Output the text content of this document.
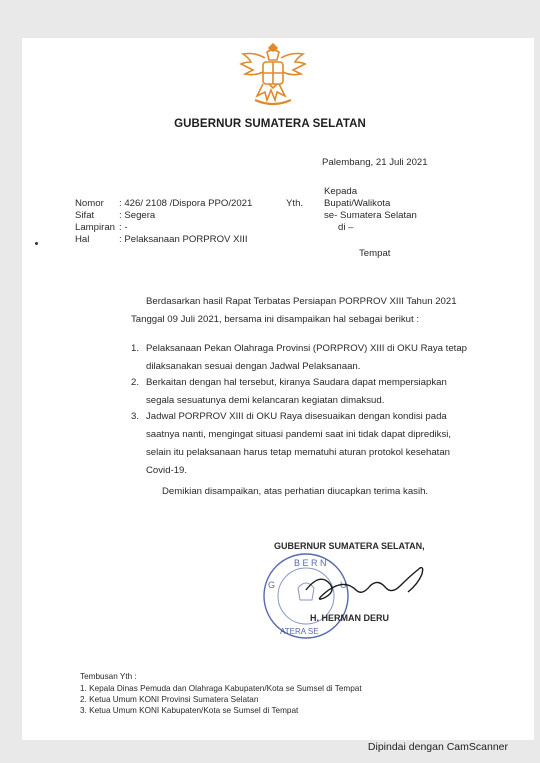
GUBERNUR SUMATERA SELATAN
Palembang, 21 Juli 2021
Nomor : 426/ 2108 /Dispora PPO/2021
Sifat	: Segera
Lampiran : -
Hal	: Pelaksanaan PORPROV XIII
Kepada
Yth. Bupati/Walikota
se- Sumatera Selatan
di –
Tempat
Berdasarkan hasil Rapat Terbatas Persiapan PORPROV XIII Tahun 2021 Tanggal 09 Juli 2021, bersama ini disampaikan hal sebagai berikut :
1. Pelaksanaan Pekan Olahraga Provinsi (PORPROV) XIII di OKU Raya tetap dilaksanakan sesuai dengan Jadwal Pelaksanaan.
2. Berkaitan dengan hal tersebut, kiranya Saudara dapat mempersiapkan segala sesuatunya demi kelancaran kegiatan dimaksud.
3. Jadwal PORPROV XIII di OKU Raya disesuaikan dengan kondisi pada saatnya nanti, mengingat situasi pandemi saat ini tidak dapat diprediksi, selain itu pelaksanaan harus tetap mematuhi aturan protokol kesehatan Covid-19.
Demikian disampaikan, atas perhatian diucapkan terima kasih.
GUBERNUR SUMATERA SELATAN,
B E R N
G	U
ATERA SE
H. HERMAN DERU
Tembusan Yth :
1. Kepala Dinas Pemuda dan Olahraga Kabupaten/Kota se Sumsel di Tempat
2. Ketua Umum KONI Provinsi Sumatera Selatan
3. Ketua Umum KONI Kabupaten/Kota se Sumsel di Tempat
Dipindai dengan CamScanner
